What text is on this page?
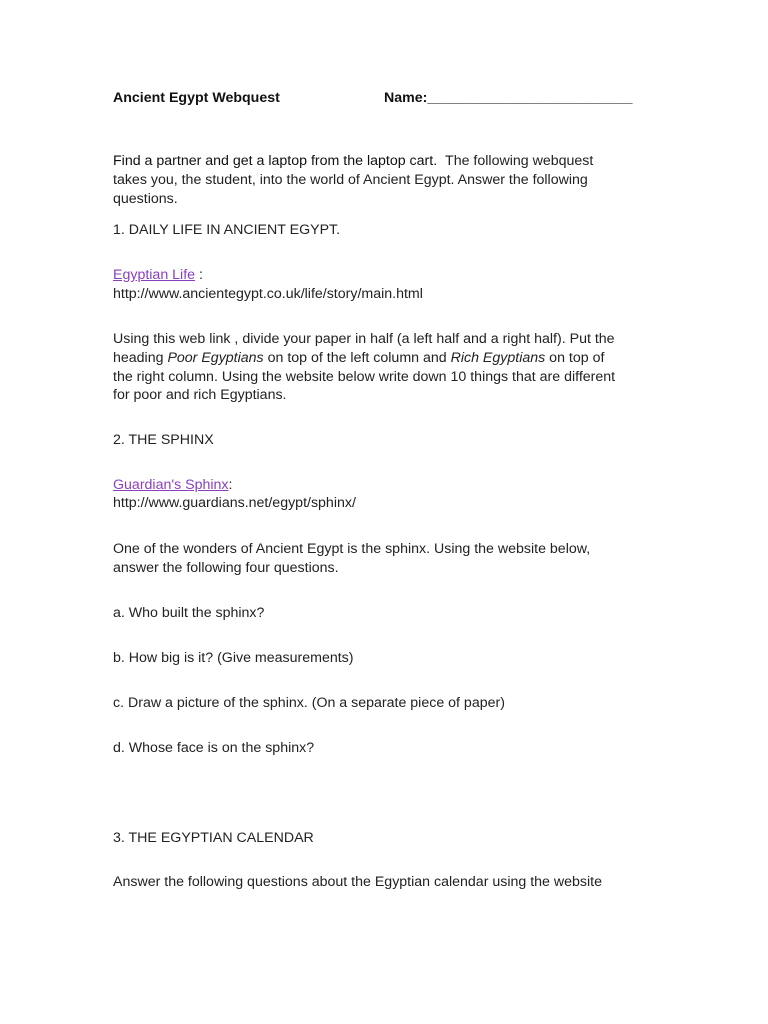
Ancient Egypt Webquest	Name:__________________________
Find a partner and get a laptop from the laptop cart. The following webquest
takes you, the student, into the world of Ancient Egypt. Answer the following
questions.
1. DAILY LIFE IN ANCIENT EGYPT.
Egyptian Life :
http://www.ancientegypt.co.uk/life/story/main.html
Using this web link , divide your paper in half (a left half and a right half). Put the
heading Poor Egyptians on top of the left column and Rich Egyptians on top of
the right column. Using the website below write down 10 things that are different
for poor and rich Egyptians.
2. THE SPHINX
Guardian's Sphinx:
http://www.guardians.net/egypt/sphinx/
One of the wonders of Ancient Egypt is the sphinx. Using the website below,
answer the following four questions.
a. Who built the sphinx?
b. How big is it? (Give measurements)
c. Draw a picture of the sphinx. (On a separate piece of paper)
d. Whose face is on the sphinx?
3. THE EGYPTIAN CALENDAR
Answer the following questions about the Egyptian calendar using the website
